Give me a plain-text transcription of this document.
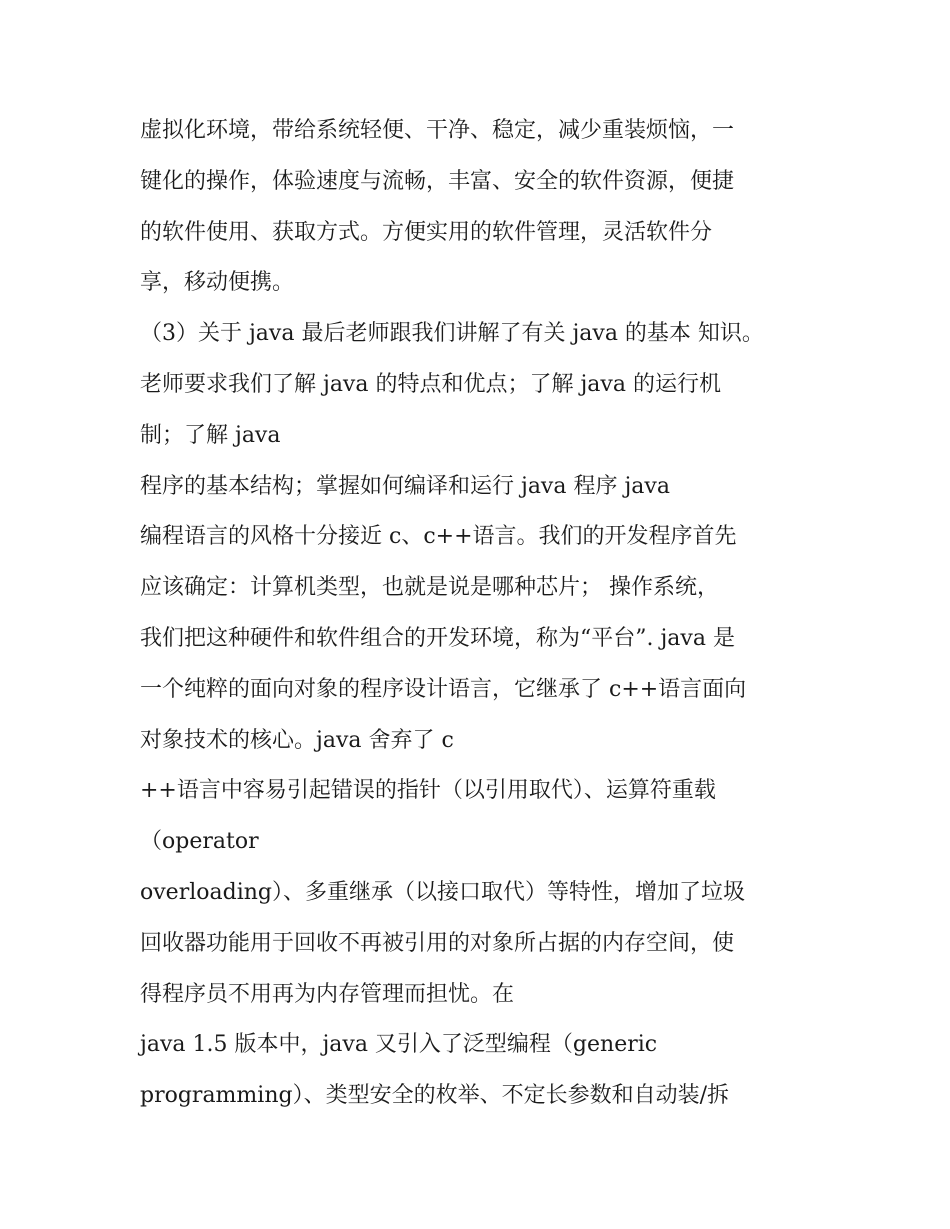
虚拟化环境，带给系统轻便、干净、稳定，减少重装烦恼，一
键化的操作，体验速度与流畅，丰富、安全的软件资源，便捷
的软件使用、获取方式。方便实用的软件管理，灵活软件分
享，移动便携。
（3）关于 java 最后老师跟我们讲解了有关 java 的基本 知识。
老师要求我们了解 java 的特点和优点；了解 java 的运行机
制；了解 java
程序的基本结构；掌握如何编译和运行 java 程序 java
编程语言的风格十分接近 c、c++语言。我们的开发程序首先
应该确定：计算机类型，也就是说是哪种芯片； 操作系统，
我们把这种硬件和软件组合的开发环境，称为“平台”. java 是
一个纯粹的面向对象的程序设计语言，它继承了 c++语言面向
对象技术的核心。java 舍弃了 c
++语言中容易引起错误的指针（以引用取代）、运算符重载
（operator
overloading）、多重继承（以接口取代）等特性，增加了垃圾
回收器功能用于回收不再被引用的对象所占据的内存空间，使
得程序员不用再为内存管理而担忧。在
java 1.5 版本中，java 又引入了泛型编程（generic
programming）、类型安全的枚举、不定长参数和自动装/拆
